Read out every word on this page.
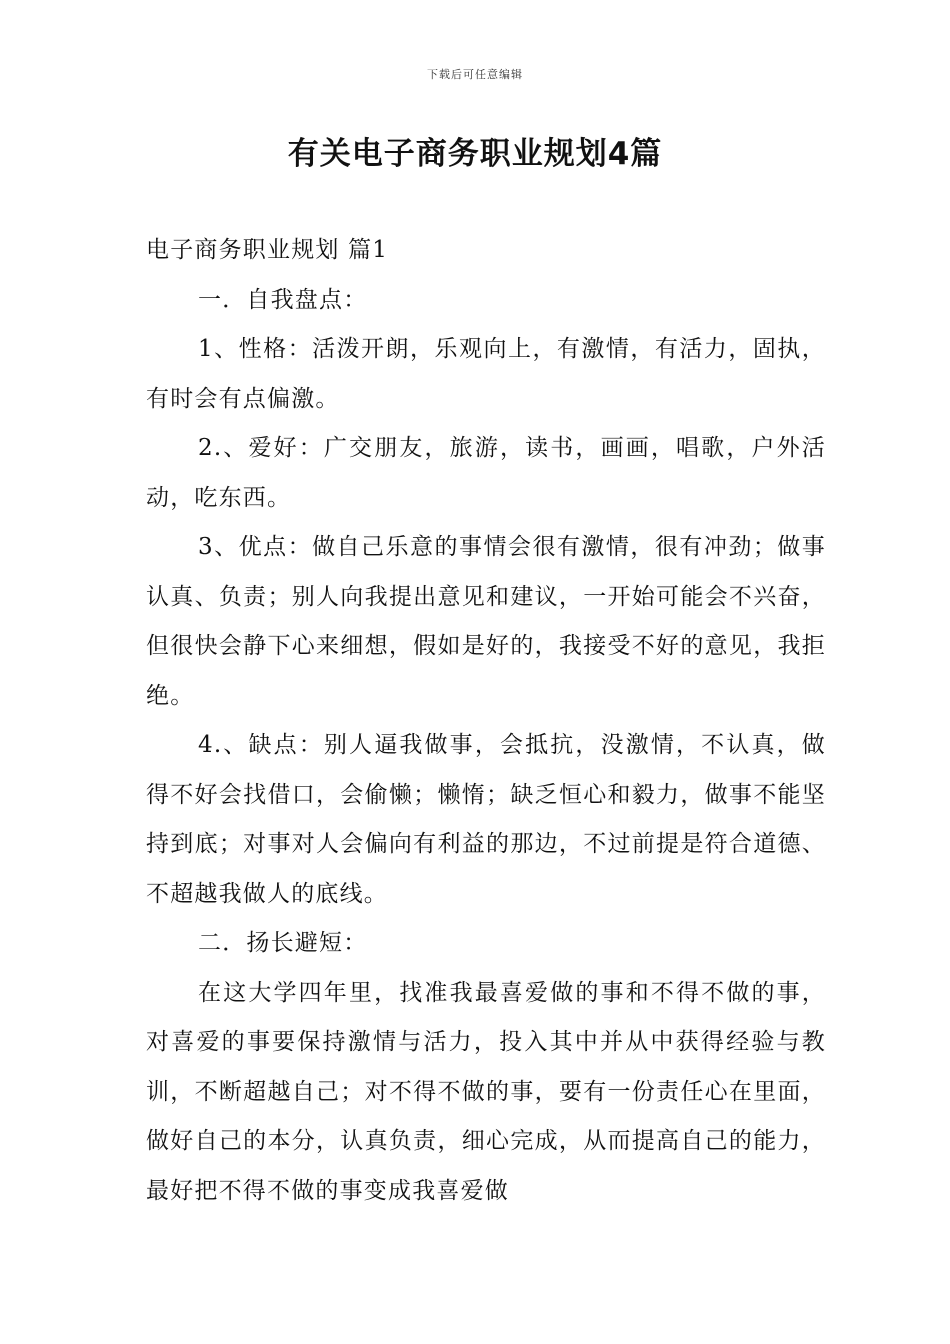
下载后可任意编辑
有关电子商务职业规划4篇

电子商务职业规划 篇1

一．自我盘点：

1、性格：活泼开朗，乐观向上，有激情，有活力，固执，有时会有点偏激。

2.、爱好：广交朋友，旅游，读书，画画，唱歌，户外活动，吃东西。

3、优点：做自己乐意的事情会很有激情，很有冲劲；做事认真、负责；别人向我提出意见和建议，一开始可能会不兴奋，但很快会静下心来细想，假如是好的，我接受不好的意见，我拒绝。

4.、缺点：别人逼我做事，会抵抗，没激情，不认真，做得不好会找借口，会偷懒；懒惰；缺乏恒心和毅力，做事不能坚持到底；对事对人会偏向有利益的那边，不过前提是符合道德、不超越我做人的底线。

二．扬长避短：

在这大学四年里，找准我最喜爱做的事和不得不做的事，对喜爱的事要保持激情与活力，投入其中并从中获得经验与教训，不断超越自己；对不得不做的事，要有一份责任心在里面，做好自己的本分，认真负责，细心完成，从而提高自己的能力，最好把不得不做的事变成我喜爱做
